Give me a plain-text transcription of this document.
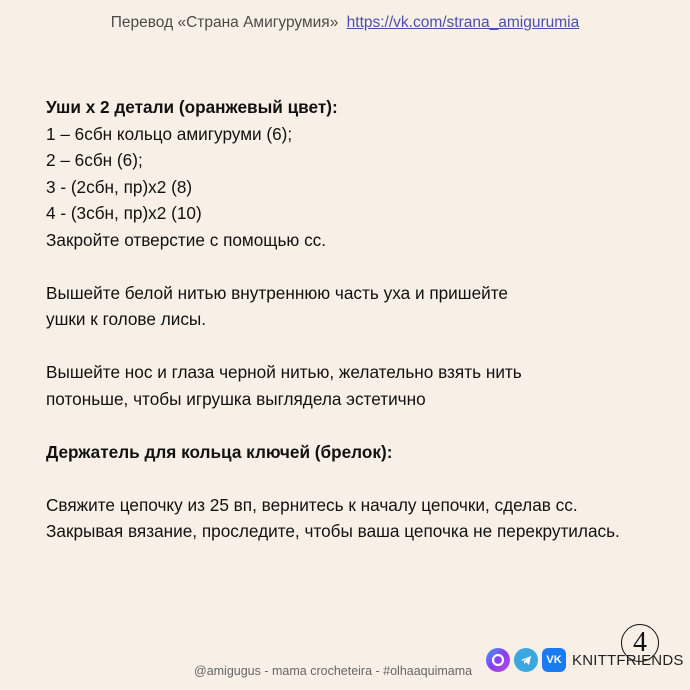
Перевод «Страна Амигурумия» https://vk.com/strana_amigurumia
Уши х 2 детали (оранжевый цвет):
1 – 6сбн кольцо амигуруми (6);
2 – 6сбн (6);
3 - (2сбн, пр)х2 (8)
4 - (3сбн, пр)х2 (10)
Закройте отверстие с помощью сс.
Вышейте белой нитью внутреннюю часть уха и пришейте
ушки к голове лисы.
Вышейте нос и глаза черной нитью, желательно взять нить
потоньше, чтобы игрушка выглядела эстетично
Держатель для кольца ключей (брелок):
Свяжите цепочку из 25 вп, вернитесь к началу цепочки, сделав сс.
Закрывая вязание, проследите, чтобы ваша цепочка не перекрутилась.
@amigugus - mama crocheteira - #olhaaquimama
4
VK KNITTFRIENDS
